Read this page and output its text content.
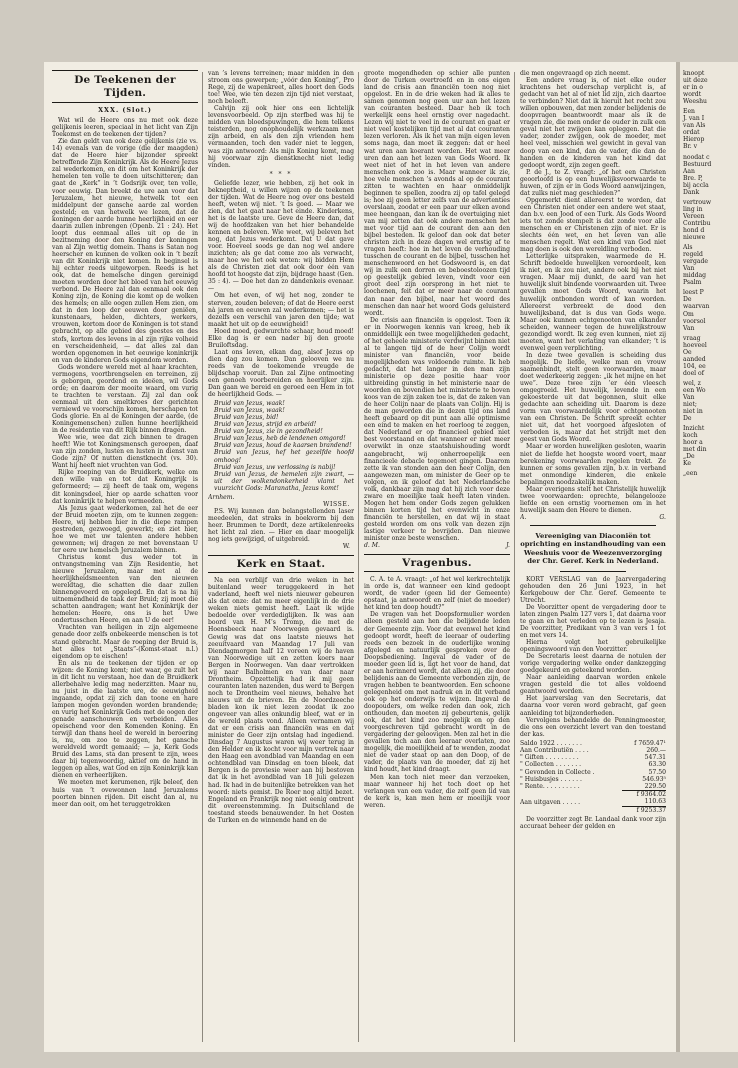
De Teekenen der Tijden.
XXX. (Slot.)

Wat wil de Heere ons nu met ook deze gelijkenis leeren, speciaal in het licht van Zijn Toekomst en de teekenen der tijden?

Zie dan geldt van ook deze gelijkenis (zie vs. 14) evenals van de vorige (die der maagden) dat de Heere hier bijzonder spreekt betreffende Zijn Koninkrijk. Als de Heere Jezus zal wederkomen, en dit om het Koninkrijk der hemelen ten volle te doen uitschitteren; dan gaat de „Kerk” in ’t Godsrijk over, ten volle, voor eeuwig. Dan breekt de ure aan voor dat Jeruzalem, het nieuwe, hetwelk tot een middelpunt der gansche aarde zal worden gesteld; en van hetwelk we lezen, dat de koningen der aarde hunne heerlijkheid en eer daarin zullen inbrengen (Openb. 21 : 24). Het loopt dus eenmaal alles uit op de in bezitneming door den Koning der koningen van al Zijn wettig domein. Thans is Satan nog heerscher en kunnen de volken ook in ’t bezit van dit Koninkrijk niet komen. In beginsel is hij echter reeds uitgeworpen. Reeds is het ook, dat de hemelsche dingen gereinigd moeten worden door het bloed van het eeuwig verbond. De Heere zal dan eenmaal ook den Koning zijn, de Koning die komt op de wolken des hemels; en alle oogen zullen Hem zien, om dat in den loop der eeuwen door geniëen, kunstenaars, helden, dichters, werkers, vrouwen, kortom door de Koningen is tot stand gebracht, op alle gebied des geestes en des stofs, kortom des levens in al zijn rijke volheid en verscheidenheid, — dat alles zal dan worden opgenomen in het eeuwige koninkrijk en van de kinderen Gods eigendom worden.

Gods wondere wereld met al haar krachten, vermogens, voortbrengselen en terreinen, zij is geborgen, geordend en ideëen, wil Gods orde; en daarom der mooite waard, om vurig te trachten te verstaan. Zij zal dan ook eenmaal uit den smeltkroes der gerichten verniewd ve voorschijn komen, herschapen tot Gods glorie. En al de Koningen der aarde, (de Koningemenschen) zullen hunne heerlijkheid in de residentie van dit Rijk binnen dragen.

Wee wie, wee dat zich binnen te dragen heeft! Wie tot Koningsmensch geroepen, daaf van zijn zonden, lusten en lusten in dienst van Gode zijn? Of nutten dienstknecht (vs. 30). Want hij heeft niet vruchten van God.

Rijke roeping van de Bruidkerk, welke om den wille van en tot dat Koningrijk is geformeerd; — zij heeft de taak om, wegens dit koningsdeel, hier op aarde schatten voor dat koninkrijk te helpen vermeeden.

Als Jezus gaat wederkomen, zal het de eer der Bruid moeten zijn, om te kunnen zeggen: Heere, wij hebben hier in die diepe rampen gestreden, gezwoegd, gewerkt; en ziet hier, hoe we met uw talenten andere hebben gewonnen; wij dragen ze met bovenstaan U ter eere uw hemelsch Jeruzalem binnen.

Christus komt dus weder tot in ontvangstneming van Zijn Residentie, het nieuwe Jeruzalem, maar met al de heerlijkheidsmeenten van den nieuwen wereldtag, die schatten die daar zullen binnengevoerd en opgelegd. En dat is na hij uitnemendheid de taak der Bruid; zij moet die schatten aandragen; want het Koninkrijk der hemelen: Heere, ons is het Uwe ondertusschen Heere, en aan U de eer!

Vrachten van heiligen in zijn algemeene genade door zelfs onbekeerde menschen is tot stand gebracht. Maar de roeping der Bruid is, het alles tot „Staats”-(Komst-staat n.l.) eigendom op te eischen!

En als nu de teekenen der tijden er op wijzen: de Koning komt; niet waar, ge zult het in dit licht nu verstaan, hoe dan de Bruidkerk allerbehalve ledig mag nederzitten. Maar nu, nu juist in die laatste ure, de eeuwigheid ingaande, opdat zij zich dan toone en hare lampen mogen gevonden worden brandende; en vurig het Koninkrijk Gods met de oogen der genade aanschouwen en verbeiden. Alles opeischend voor den Komenden Koning. En terwijl dan thans heel de wereld in beroering is, nu, om zoo te zeggen, het gansche wereldveld wordt gemaaid; — ja, Kerk Gods Bruid des Lams, sta dan present te zijn, wees daar bij tegenwoordig, aktief om de hand in leggen op alles, wat God en zijn Koninkrijk kan dienen en verheerlijken.

We moeten met kerumenen, rijk beleef, den huis van ’t ovewonnen land Jeruzalems poorten binnen rijden. Dit eischt dan al, nu meer dan ooit, om het teruggetrokken

van ’s levens terreinen; maar midden in den stroom ons gewerpen; „vóór den Koning”, Pro Rege, zij de wapenkreet, alles hoort den Gods toe! Wee, wie ten dezen zijn tijd niet verstaat, noch beleeft.

Calvijn zij ook hier ons een lichtelijk levensvoorbeeld. Op zijn sterfbed was hij te midden van bloedspuwingen, die hem telkens teisterden, nog onophoudelijk werkzaam met zijn arbeid, en als den zijn vrienden hem vermaanden, toch den vader niet te leggen, was zijn antwoord: Als mijn Koning komt, mag hij voorwaar zijn dienstknecht niet ledig vinden.

* * *

Geliefde lezer, wie hebben, zij het ook in bekneptheid, u willen wijzen op de teekenen der tijden. Wat de Heere nog over ons besteld heeft, weten wij niet. ’t Is goed. — Maar we zien, dat het gaat naar het einde. Kinderkens, het is de laatste ure. Geve de Heere dan, dat wij de hoofdzaken van het hier behandelde kennen en beleven. Wie weet, wij beleven het nog, dat Jezus wederkomt. Dat U dat gave voor. Hoeveel soods ge dan nog wel andere inzichten; als ge dat come zoo als verwacht, maar hoe we het ook weten: wij bidden Hem als de Christen ziet dat ook door één van hoofd tot hoogste dat zijn, bijdrage haast (Gen. 35 : 4). — Doe het dan zo dandenkeis evenaar. —

Om het even, of wij het nog, zonder te sterven, zouden beleven; of dat de Heere eerst nà jaren en eeuwen zal wederkomen; — het is dezelfs een verschil van jaren den tijde; wat maakt het uit op de eeuwigheid!

Hoed moed, gedwurchte schaar, houd moed! Elke dag is er een nader bij den groote Bruiloftsdag.

Laat ons leven, elkan dag, alsof Jezus op dien dag zou komen. Dan gelooven we nu reeds van de toekomende vreugde de blijdschap vooruit. Dan zal Zijne ontmoeting een genoeh voorbereiden en heerlijker zijn. Dan gaan we bereid en geroed een Hem in tot de heerlijkheid Gods. —

Bruid van Jezus, waak!
Bruid van Jezus, waak!
Bruid van Jezus, bid!
Bruid van Jezus, strijd en arbeid!
Bruid van Jezus, zie in gezondheid!
Bruid van Jezus, heb de lendenen omgord!
Bruid van Jezus, houd de kaarsen brandend!
Bruid van Jezus, hef het gezelfde hoofd omhoog!
Bruid van Jezus, uw verlossing is nabij!
Bruid van Jezus, de hemelen zijn zwart, — uit der wolkendonkerheid vlamt het vuurzicht Gods: Maranatha, Jezus komt!
Arnhem.
WISSE.

P.S. Wij kunnen dan belangstellenden laser meedeelen, dat straks in boekvorm bij den heer. Brummen te Dordt, deze artikelenreeks het licht zal zien. — Hier en daar moogelijk nog iets gewijzigd, of uitgebreid.

W.
Kerk en Staat.

Na een verblijf van drie weken in het buitenland weer teruggekeerd in het vaderland, heeft wel niets nieuwer gebeuren als dat onze: dat nu meer eigenlijk in de drie weken niets gemist heeft. Laat ik wijde bedoelde over verdediglijken. Ik was aan boord van H. M’s Tromp, die met de Hoensbeeck naar Noorwegen gevaard is. Gewig was dat ons laatste nieuws het zeeuitvaard van Maandag 17 Juli van Diendagmorgen half 12 voreen wij de haven van Noorwedige uit en zetten koers naar Bergen in Noorwegen. Van daar vertrokken wij naar Balholmen en van daar naar Drontheim. Opzettelijk had ik mij geen couranten laten nazenden, dus werd te Bergen noch te Drontheim veel nieuws, behalve het nieuws uit de brieven. En de Noordzeeche bladen kon ik niet lezen zoodat ik zoo ongeveer van alles onkundig bleef, wat er in de wereld plaats vond. Alleen vernamen wij dat er een crisis aan financiën was en dat minister de Geer zijn ontslag had ingediend. Dinsdag 7 Augustus waren wij weer terug in den Helder en ik kocht voor mijn vertrek naar den Haag een avondblad van Maandag en een ochtendblad van Dinsdag en toen bleek, dat Bergen is de proviesie weer aan bij bestoven dat ik in het avondblad van 18 Juli gelezen had. Ik had in de buitenlijke betrekken van het woord: niets gemist. De Roer nog altijd bezet. Engeland en Frankrijk nog niet eenig omtrent dit overeenstemming. In Duitschland de toestand steeds benauwender. In het Oosten de Turken en de winnende hand en de

groote mogendheden op schier alle punten door de Turken overtroefd en in ons eigen land de crisis aan financiën toen nog niet opgelost. En in de drie weken had ik alles te samen genomen nog geen uur aan het lezen van couranten besteed. Daar heb ik toch werkelijk eens heel ernstig over nagedacht. Lezen wij niet te veel in de courant en gaat er niet veel kostelijken tijd met al dat couranten lezen verloren. Als ik het van mijn eigen leven soms naga, dan moet ik zeggen: dat er heel wat uren aan koerant worden. Het wat meer uren dan aan het lezen van Gods Woord. Ik weet niet of het in het leven van andere menschen ook zoo is. Maar wanneer ik zie, hoe vele menschen ’s avonds al op de courant zitten te wachten en haar onmiddelijk beginnen te spellen, zoodra zij op tafel gelegd is; hoe zij geen letter zelfs van de advertenties overslaan, zoodat er een paar uur elken avond mee heengaan, dan kan ik de overtuiging niet van mij zetten dat ook andere menschen het met voor tijd aan de courant den aan den bijbel besteden. Ik geloof dan ook dat beter christen zich in deze dagen wel ernstig af te vragen heeft: hoe in het leven de verhouding tusschen de courant en de bijbel, tusschen het menschenwoord en het Godswoord is, en dat wij in zulk een dorren en beboestoloozen tijd op geestelijk gebied leven, vindt voor een groot deel zijn oorsprong in het niet te loochenen, feit dat er meer naar de courant dan naar den bijbel, naar het woord des menschen dan naar het woord Gods geluisterd wordt.

De crisis aan financiën is opgelost. Toen ik er in Noorwegen kennis van kreeg, heb ik onmiddellijk een twee mogelijkheden gedacht, of het geheele ministerie verdwijnt binnen niet al te langen tijd of de heer Colijn wordt minister van financiën, voor beide mogelijkheden was voldoende ruimte. Ik heb gedacht, dat het langer in den man zijn ministerie op deze positie haar voor uitbreiding gunstig in het ministerie naar de woorden en bovendien het ministerie te boven koos van de zijn zaken toe is, dat de zaken van de heer Colijn naar de plaats van Colijn. Hij is de man geworden die in dezen tijd ons land heeft gebaard op dit punt aan alle optimisme een eind te maken en het roerloog te zeggen, dat Nederland er op financieel gebied niet best voorstaand en dat wanneer er niet meer overwikt in onze staatshuishouding wordt aangebracht, wij onherroepelijk een financieele debacle tegemoet gingen. Daarom zette ik van stonden aan den heer Colijn, den aangewezen man, om minister de Geer op te volgen, en ik geloof dat het Nederlandsche volk, dankbaar zijn mag dat hij zich voor deze zware en moeilijke taak heeft laten vinden. Mogen het hem onder Gods zegen gelukken binnen korten tijd het evenwicht in onze financiën te herstellen, en dat wij in staat gesteld worden om ons volk van dezen zijn lastige verkeer te bevrijden. Dan nieuwe minister onze beste wenschen.

d. M.	J.
Vragenbus.

C. A. te A. vraagt: „of het wel kerkrechtelijk in orde is, dat wanneer een kind gedoopt wordt, de vader (geen lid der Gemeente) opstaat, ja antwoordt en zelf (niet de moeder) het kind ten doop houdt?”

De vragen van het Doopsformulier worden alleen gesteld aan hen die belijdende leden der Gemeente zijn. Voor dat evenwel het kind gedoopt wordt, heeft de leeraar of ouderling reeds een bezoek in de ouderlijke woning afgelegd en natuurlijk gesproken over de Doopsbediening. Ingeval de vader of de moeder geen lid is, ligt het voor de hand, dat er aan herinnerd wordt, dat alleen zij, die door belijdenis aan de Gemeente verbonden zijn, de vragen hebben te beantwoorden. Een schoone gelegenheid om met nadruk en in dit verband ook op het onderwijs te wijzen. Ingeval de doopouders, om welke reden dan ook, zich onthouden, dan moeten zij gebeurtenis, gelijk ook, dat het kind zoo mogelijk en op den voorgeschreven tijd gebracht wordt in de vergadering der geloovigen. Men zal het in die gevallen toch aan den leeraar overlaten, zoo mogelijk, die moeilijkheid af te wenden, zoodat niet de vader staat op aan den Doop, of de vader, de plaats van de moeder, dat zij het kind houdt, het kind draagt.

Men kan toch niet meer dan verzoeken, maar wanneer hij het toch doet op het verlangen van een vader, die zelf geen lid van de kerk is, kan men hem er moeilijk voor weren.

die men ongevraagd op zich neemt.

Een andere vraag is, of niet elke ouder krachtens het ouderschap verplicht is, af gedacht van het al of niet lid zijn, zich daartoe te verbinden? Niet dat ik hieruit het recht zou willen opbouwen, dat men zonder belijdenis de doopvragen beantwoordt maar als ik de vragen zie, die men onder de ouder in zulk een geval niet het zwijgen kan opleggen. Dat die vader, zonder zwijgen, ook de moeder, met heel veel, misschien wel gewicht in geval van doop van een kind, dan de vader, die dan de handen en de kinderen van het kind dat gedoopt wordt, zijn zegen geeft.

P. de J., te Z. vraagt: „of het een Christen geoorloofd is op een huwelijksvoorwaarde te huwen, of zijn er in Gods Woord aanwijzingen, dat zulks niet mag geschieden?”

Opgemerkt dient allereerst te worden, dat een Christen niet onder een andere wet staat, dan b.v. een Jood of een Turk. Als Gods Woord iets tot zonde stempelt is dat zonde voor alle menschen en er Christenen zijn of niet. Er is slechts één wet, en het leven van alle menschen regelt. Wat een kind van God niet mag doen is ook den wereldling verboden.

Letterlijke uitspraken, waarmede de H. Schrift bedoelde huwelijken veroordeelt, ken ik niet, en ik zou niet, andere ook bij het niet vragen. Maar mij dunkt, de aard van het huwelijk sluit bindende voorwaarden uit. Twee gevallen moet Gods Woord, waarin het huwelijk ontbonden wordt of kan worden. Allereerst verbreekt de dood den huwelijksband, dat is dus van Gods wege. Maar ook kunnen echtgenooten van elkander scheiden, wanneer tegen de huwelijkstrouw gezondigd wordt. Ik zeg even kunnen, niet zij moeten, want het verlating van elkander; ’t is evenwel geen verplichting.

In deze twee gevallen is scheiding dus mogelijk. De liefde, welke man en vrouw saamenbindt, stelt geen voorwaarden, maar doet wederkeerig zeggen: „ik het mijne en het uwe”. Deze twee zijn ’er één vleesch omgegroeid. Het huwelijk, levende in een gekoesterde uit dat begonnen, sluit elke gedachte aan scheiding uit. Daarom is deze vorm van voorwaardelijk voor echtgenooten van een Christen. De Schrift spreekt echter niet uit, dat het voorgoed afgesloten of verboden is, maar dat het strijdt met den geest van Gods Woord.

Maar er worden huwelijken gesloten, waarin niet de liefde het hoogste woord voert, maar berekening voorwaarden regelen trekt. Ze kunnen er soms gevallen zijn, b.v. in verband met onmondige kinderen, die enkele bepalingen noodzakelijk maken.

Maar overigens stelt het Christelijk huwelijk twee voorwaarden: oprechte, belangelooze liefde en een ernstig voornemen om in het huwelijk saam den Heere te dienen.

A.	G.
Vereeniging van Diaconiën tot oprichting en instandhouding van een Weeshuis voor de Weezenverzorging der Chr. Geref. Kerk in Nederland.

KORT VERSLAG van de Jaarvergadering gehouden den 26 Juni 1923, in het Kerkgebouw der Chr. Geref. Gemeente te Utrecht.

De Voorzitter opent de vergadering door te laten zingen Psalm 127 vers 1, dat daarna voor te gaan en het verleden op te lezen is Jesaja. De voorzitter, Predikant van 3 van vers 1 tot en met vers 14.

Hierna volgt het gebruikelijke openingswoord van den Voorzitter.

De Secretaris leest daarna de notulen der vorige vergadering welke onder dankzegging goedgekeurd en geteekend worden.

Naar aanleiding daarvan worden enkele vragen gesteld die tot alles voldoend geantwoord worden.

Het jaarverslag van den Secretaris, dat daarna voor veren word gebracht, gaf geen aanleiding tot bijzonderheden.

Vervolgens behandelde de Penningmeester, die ons een overzicht levert van den toestand der kas.

Saldo 1922 . . . . . . .	f 7659.47¹
Aan Contributiën . . . .	260.—
" Giften . . . . . . . . .	547.31
" Collecten . . . . . . .	63.30
" Gevonden in Collecte .	57.50
" Huisbusjes . . . . . .	546.93⁵
" Rente. . . . . . . . . .	229.50
	f 9364.02
Aan uitgaven . . . . .	110.63
	f 9253.37

De voorzitter zegt Br. Landaal dank voor zijn accuraat beheer der gelden en

knoopt
uit deze
er in o
wordt
Weeshu
Een
J. van I
van Als
ordat
Hierop
Br. v
noodat c
Bestuurd
Aan
Bre. P,
bij accla
Dank
vertrouw
ling in
Vereen
Contribu
hond d
nieuwe
Als
regeld
vergade
Van
middag
Psalm
leest P
De
waarvan
Om
voorsol
Van
vraag
hoeveel
Oe
aanded
104, ee
doel of
wel, z
een Wo
Van
niet;
niet in
De
Inzicht
koch
hoor a
met din
„De
Ke
„een
